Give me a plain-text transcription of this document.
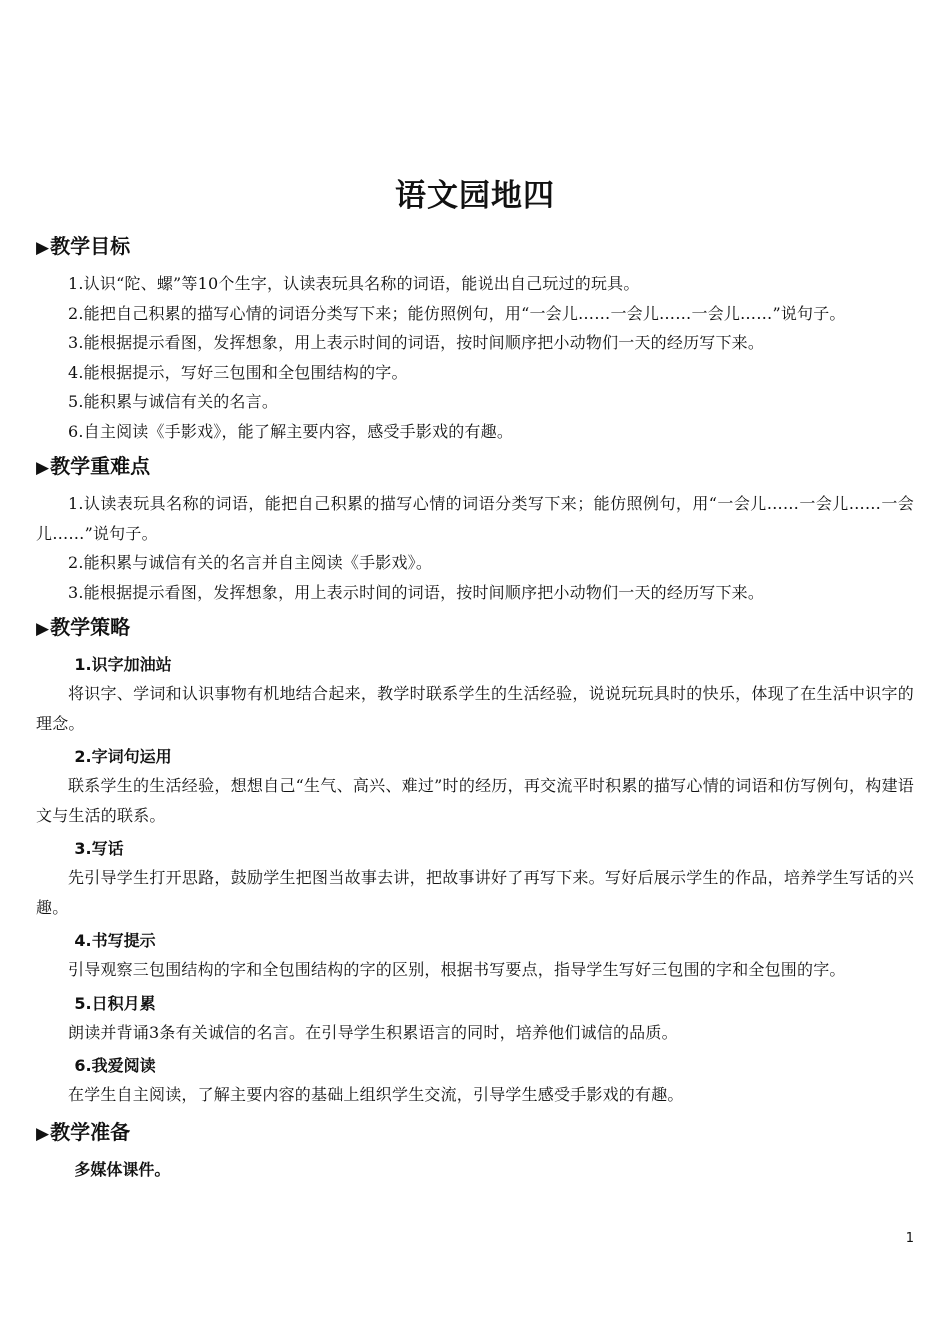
语文园地四
▶教学目标

1.认识“陀、螺”等10个生字，认读表玩具名称的词语，能说出自己玩过的玩具。

2.能把自己积累的描写心情的词语分类写下来；能仿照例句，用“一会儿……一会儿……一会儿……”说句子。

3.能根据提示看图，发挥想象，用上表示时间的词语，按时间顺序把小动物们一天的经历写下来。

4.能根据提示，写好三包围和全包围结构的字。

5.能积累与诚信有关的名言。

6.自主阅读《手影戏》，能了解主要内容，感受手影戏的有趣。

▶教学重难点

1.认读表玩具名称的词语，能把自己积累的描写心情的词语分类写下来；能仿照例句，用“一会儿……一会儿……一会儿……”说句子。

2.能积累与诚信有关的名言并自主阅读《手影戏》。

3.能根据提示看图，发挥想象，用上表示时间的词语，按时间顺序把小动物们一天的经历写下来。

▶教学策略
1.识字加油站

将识字、学词和认识事物有机地结合起来，教学时联系学生的生活经验，说说玩玩具时的快乐，体现了在生活中识字的理念。

2.字词句运用

联系学生的生活经验，想想自己“生气、高兴、难过”时的经历，再交流平时积累的描写心情的词语和仿写例句，构建语文与生活的联系。

3.写话

先引导学生打开思路，鼓励学生把图当故事去讲，把故事讲好了再写下来。写好后展示学生的作品，培养学生写话的兴趣。

4.书写提示

引导观察三包围结构的字和全包围结构的字的区别，根据书写要点，指导学生写好三包围的字和全包围的字。

5.日积月累

朗读并背诵3条有关诚信的名言。在引导学生积累语言的同时，培养他们诚信的品质。

6.我爱阅读

在学生自主阅读，了解主要内容的基础上组织学生交流，引导学生感受手影戏的有趣。

▶教学准备
多媒体课件。
1
